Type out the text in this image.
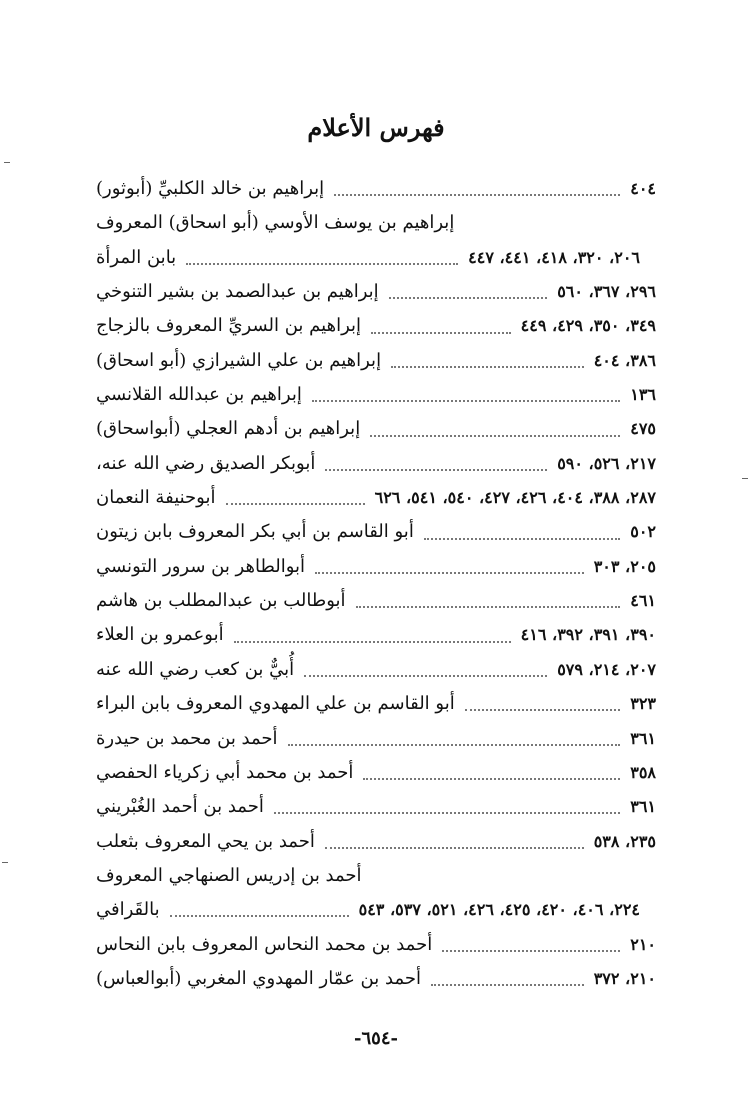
فهرس الأعلام
إبراهيم بن خالد الكلبيِّ (أبوثور)	٤٠٤
إبراهيم بن يوسف الأوسي (أبو اسحاق) المعروف
بابن المرأة	٢٠٦، ٣٢٠، ٤١٨، ٤٤١، ٤٤٧
إبراهيم بن عبدالصمد بن بشير التنوخي	٢٩٦، ٣٦٧، ٥٦٠
إبراهيم بن السريِّ المعروف بالزجاج	٣٤٩، ٣٥٠، ٤٢٩، ٤٤٩
إبراهيم بن علي الشيرازي (أبو اسحاق)	٣٨٦، ٤٠٤
إبراهيم بن عبدالله القلانسي	١٣٦
إبراهيم بن أدهم العجلي (أبواسحاق)	٤٧٥
أبوبكر الصديق رضي الله عنه،	٢١٧، ٥٢٦، ٥٩٠
أبوحنيفة النعمان	٢٨٧، ٣٨٨، ٤٠٤، ٤٢٦، ٤٢٧، ٥٤٠، ٥٤١، ٦٢٦
أبو القاسم بن أبي بكر المعروف بابن زيتون	٥٠٢
أبوالطاهر بن سرور التونسي	٢٠٥، ٣٠٣
أبوطالب بن عبدالمطلب بن هاشم	٤٦١
أبوعمرو بن العلاء	٣٩٠، ٣٩١، ٣٩٢، ٤١٦
أُبيٌّ بن كعب رضي الله عنه	٢٠٧، ٢١٤، ٥٧٩
أبو القاسم بن علي المهدوي المعروف بابن البراء	٣٢٣
أحمد بن محمد بن حيدرة	٣٦١
أحمد بن محمد أبي زكرياء الحفصي	٣٥٨
أحمد بن أحمد الغُبْريني	٣٦١
أحمد بن يحي المعروف بثعلب	٢٣٥، ٥٣٨
أحمد بن إدريس الصنهاجي المعروف
بالقَرافي	٢٢٤، ٤٠٦، ٤٢٠، ٤٢٥، ٤٢٦، ٥٢١، ٥٣٧، ٥٤٣
أحمد بن محمد النحاس المعروف بابن النحاس	٢١٠
أحمد بن عمّار المهدوي المغربي (أبوالعباس)	٢١٠، ٣٧٢
-٦٥٤-
